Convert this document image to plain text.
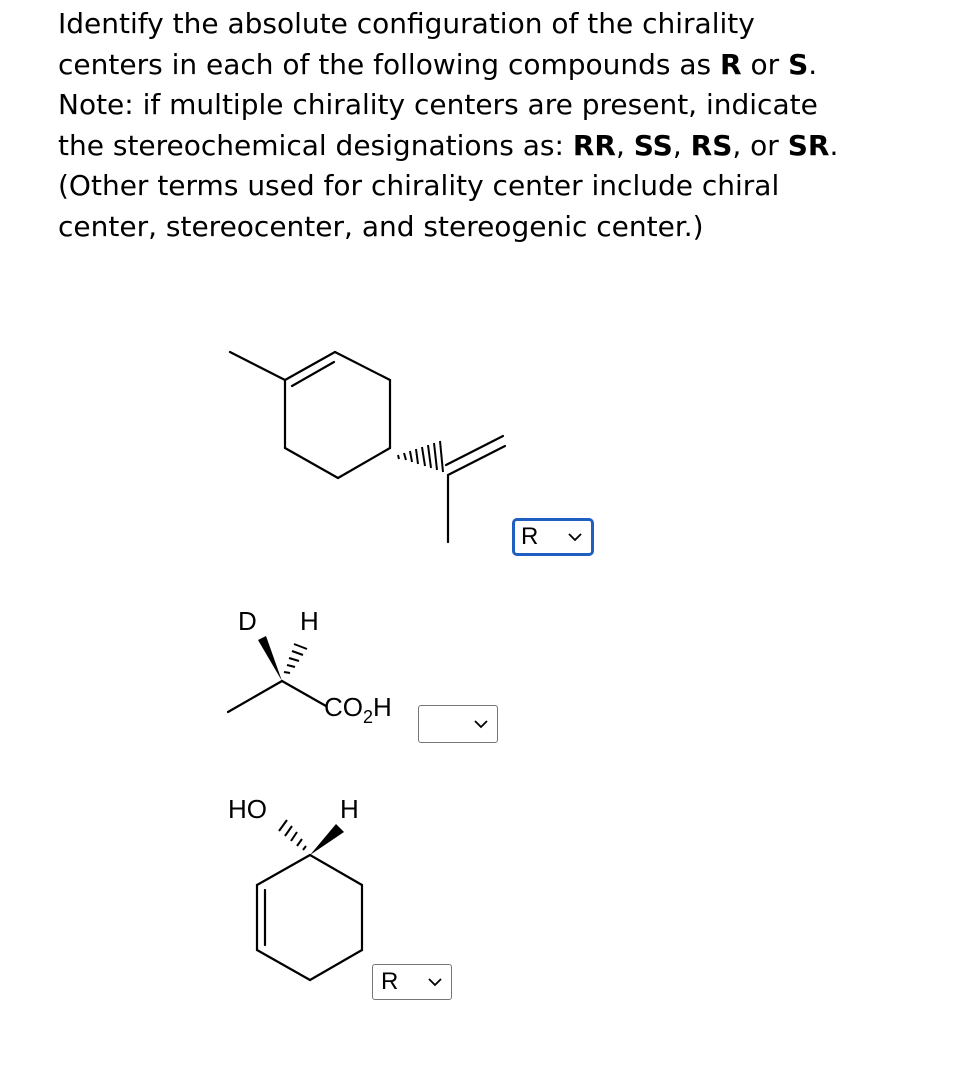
Identify the absolute configuration of the chirality
centers in each of the following compounds as R or S.
Note: if multiple chirality centers are present, indicate
the stereochemical designations as: RR, SS, RS, or SR.
(Other terms used for chirality center include chiral
center, stereocenter, and stereogenic center.)

D H
$CO_2H$
HO	H
R
R
